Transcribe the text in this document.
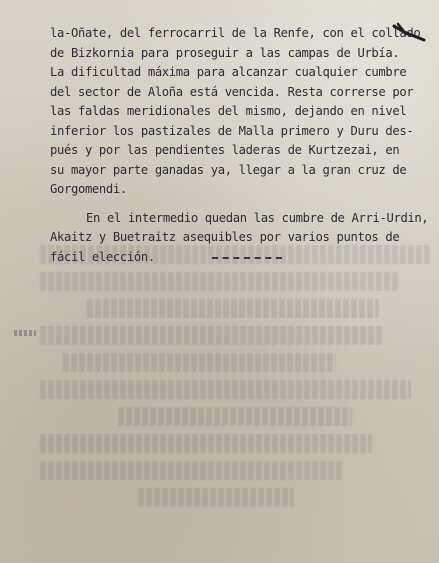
la-Oñate, del ferrocarril de la Renfe, con el collado
de Bizkornia para proseguir a las campas de Urbía.
La dificultad máxima para alcanzar cualquier cumbre
del sector de Aloña está vencida. Resta correrse por
las faldas meridionales del mismo, dejando en nivel
inferior los pastizales de Malla primero y Duru des-
pués y por las pendientes laderas de Kurtzezai, en
su mayor parte ganadas ya, llegar a la gran cruz de
Gorgomendi.
En el intermedio quedan las cumbre de Arri-Urdin,
Akaitz y Buetraitz asequibles por varios puntos de
fácil elección.
